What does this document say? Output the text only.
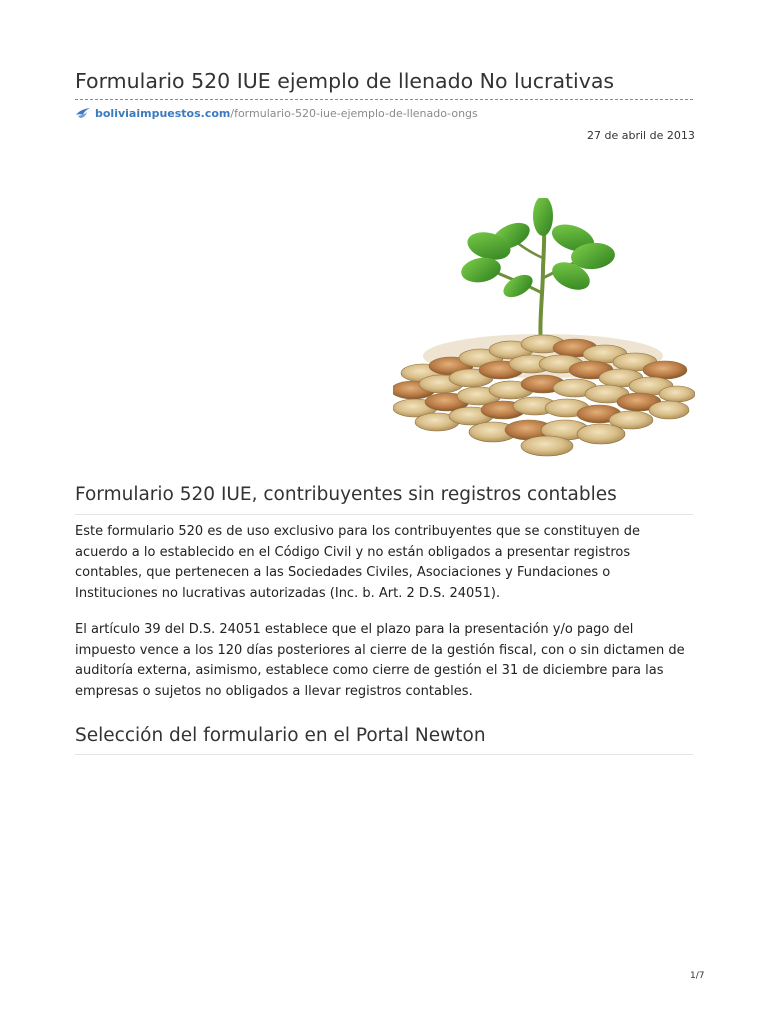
Formulario 520 IUE ejemplo de llenado No lucrativas
boliviaimpuestos.com /formulario-520-iue-ejemplo-de-llenado-ongs
27 de abril de 2013
Formulario 520 IUE, contribuyentes sin registros contables

Este formulario 520 es de uso exclusivo para los contribuyentes que se constituyen de acuerdo a lo establecido en el Código Civil y no están obligados a presentar registros contables, que pertenecen a las Sociedades Civiles, Asociaciones y Fundaciones o Instituciones no lucrativas autorizadas (Inc. b. Art. 2 D.S. 24051).

El artículo 39 del D.S. 24051 establece que el plazo para la presentación y/o pago del impuesto vence a los 120 días posteriores al cierre de la gestión fiscal, con o sin dictamen de auditoría externa, asimismo, establece como cierre de gestión el 31 de diciembre para las empresas o sujetos no obligados a llevar registros contables.

Selección del formulario en el Portal Newton
1/7
